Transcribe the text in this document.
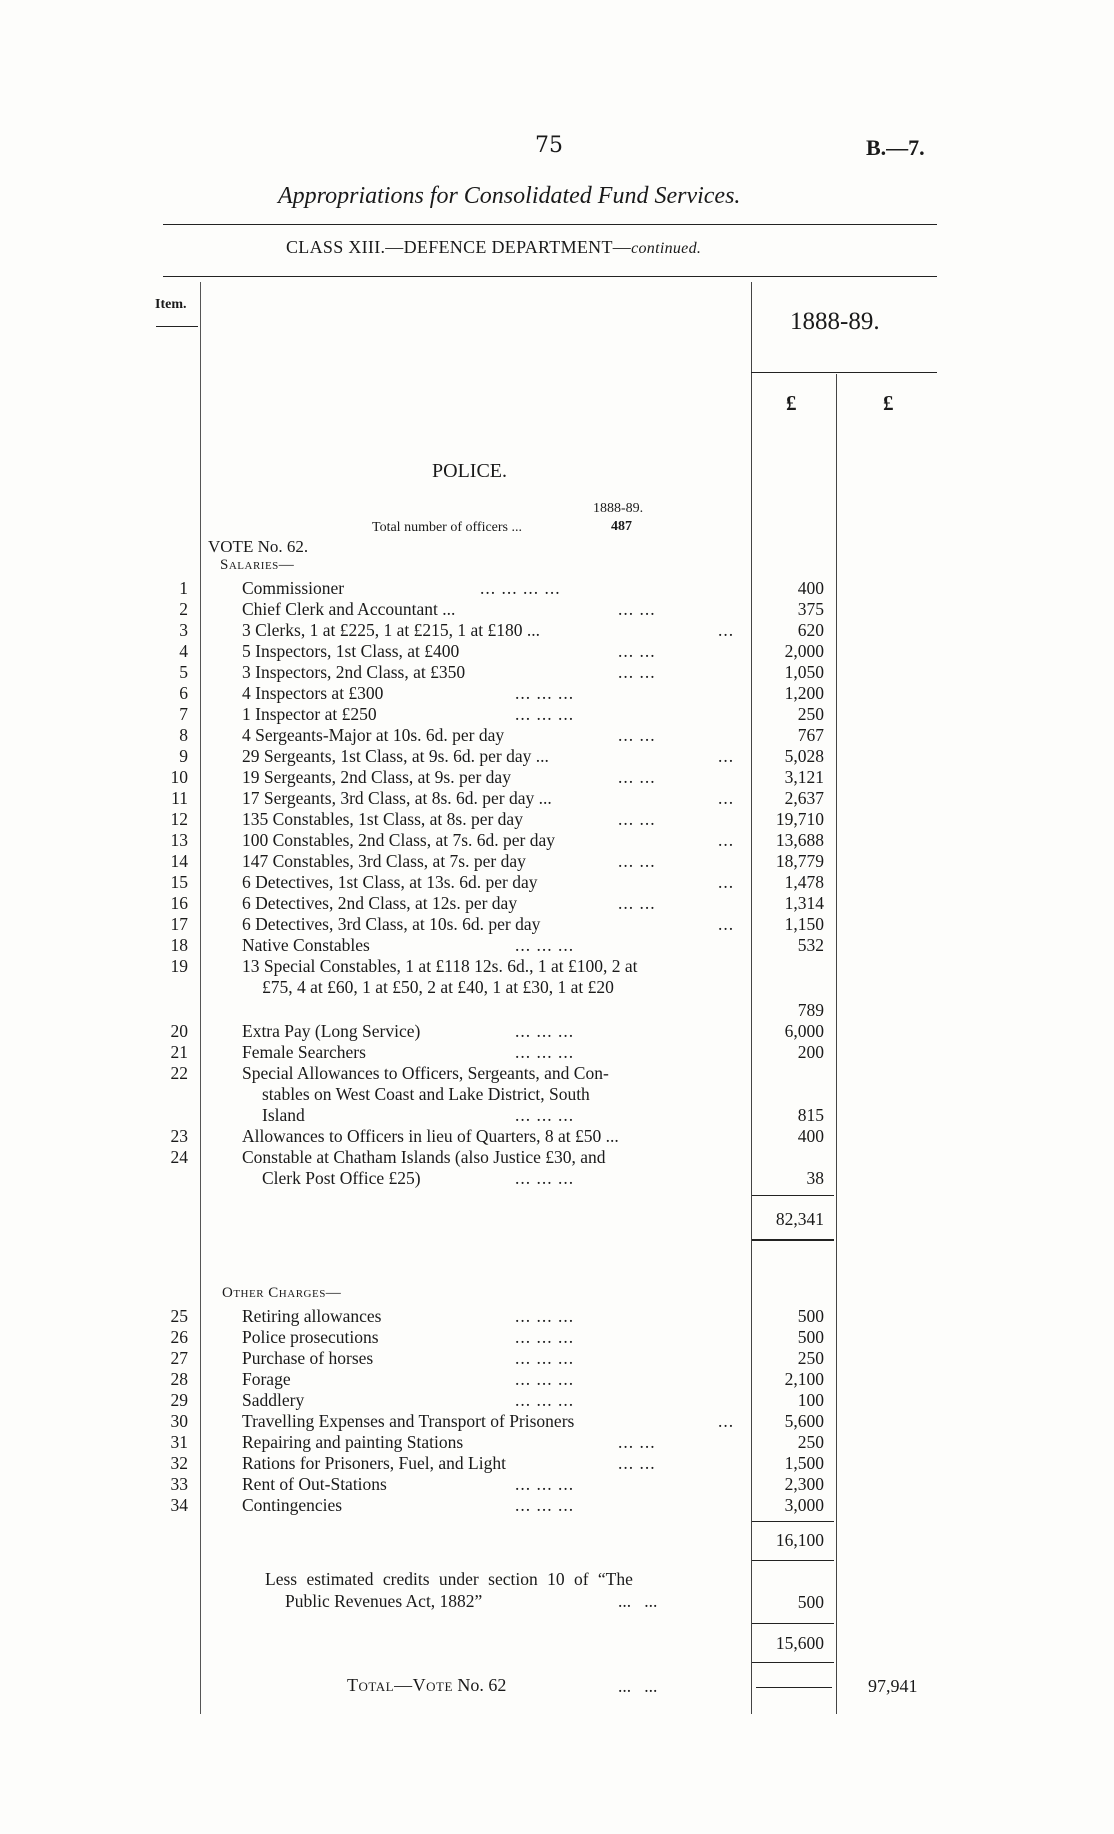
75	B.—7.
Appropriations for Consolidated Fund Services.
CLASS XIII.—DEFENCE DEPARTMENT—continued.
Item.
1888-89.
£	£
POLICE.
1888-89.
Total number of officers ...	487
VOTE No. 62.
Salaries—
1	Commissioner	... ... ... ...	400
2	Chief Clerk and Accountant ...	... ...	375
3	3 Clerks, 1 at £225, 1 at £215, 1 at £180 ...	...	620
4	5 Inspectors, 1st Class, at £400	... ...	2,000
5	3 Inspectors, 2nd Class, at £350	... ...	1,050
6	4 Inspectors at £300	... ... ...	1,200
7	1 Inspector at £250	... ... ...	250
8	4 Sergeants-Major at 10s. 6d. per day	... ...	767
9	29 Sergeants, 1st Class, at 9s. 6d. per day ...	...	5,028
10	19 Sergeants, 2nd Class, at 9s. per day	... ...	3,121
11	17 Sergeants, 3rd Class, at 8s. 6d. per day ...	...	2,637
12	135 Constables, 1st Class, at 8s. per day	... ...	19,710
13	100 Constables, 2nd Class, at 7s. 6d. per day	...	13,688
14	147 Constables, 3rd Class, at 7s. per day	... ...	18,779
15	6 Detectives, 1st Class, at 13s. 6d. per day	...	1,478
16	6 Detectives, 2nd Class, at 12s. per day	... ...	1,314
17	6 Detectives, 3rd Class, at 10s. 6d. per day	...	1,150
18	Native Constables	... ... ...	532
19	13 Special Constables, 1 at £118 12s. 6d., 1 at £100, 2 at
£75, 4 at £60, 1 at £50, 2 at £40, 1 at £30, 1 at £20
789
20	Extra Pay (Long Service)	... ... ...	6,000
21	Female Searchers	... ... ...	200
22	Special Allowances to Officers, Sergeants, and Con-
stables on West Coast and Lake District, South
Island	... ... ...	815
23	Allowances to Officers in lieu of Quarters, 8 at £50 ...	400
24	Constable at Chatham Islands (also Justice £30, and
Clerk Post Office £25)	... ... ...	38
82,341
Other Charges—
25	Retiring allowances	... ... ...	500
26	Police prosecutions	... ... ...	500
27	Purchase of horses	... ... ...	250
28	Forage	... ... ...	2,100
29	Saddlery	... ... ...	100
30	Travelling Expenses and Transport of Prisoners	...	5,600
31	Repairing and painting Stations	... ...	250
32	Rations for Prisoners, Fuel, and Light	... ...	1,500
33	Rent of Out-Stations	... ... ...	2,300
34	Contingencies	... ... ...	3,000
16,100
Less estimated credits under section 10 of “The
Public Revenues Act, 1882”	...   ...	500
15,600
Total—Vote No. 62	...   ...	97,941
